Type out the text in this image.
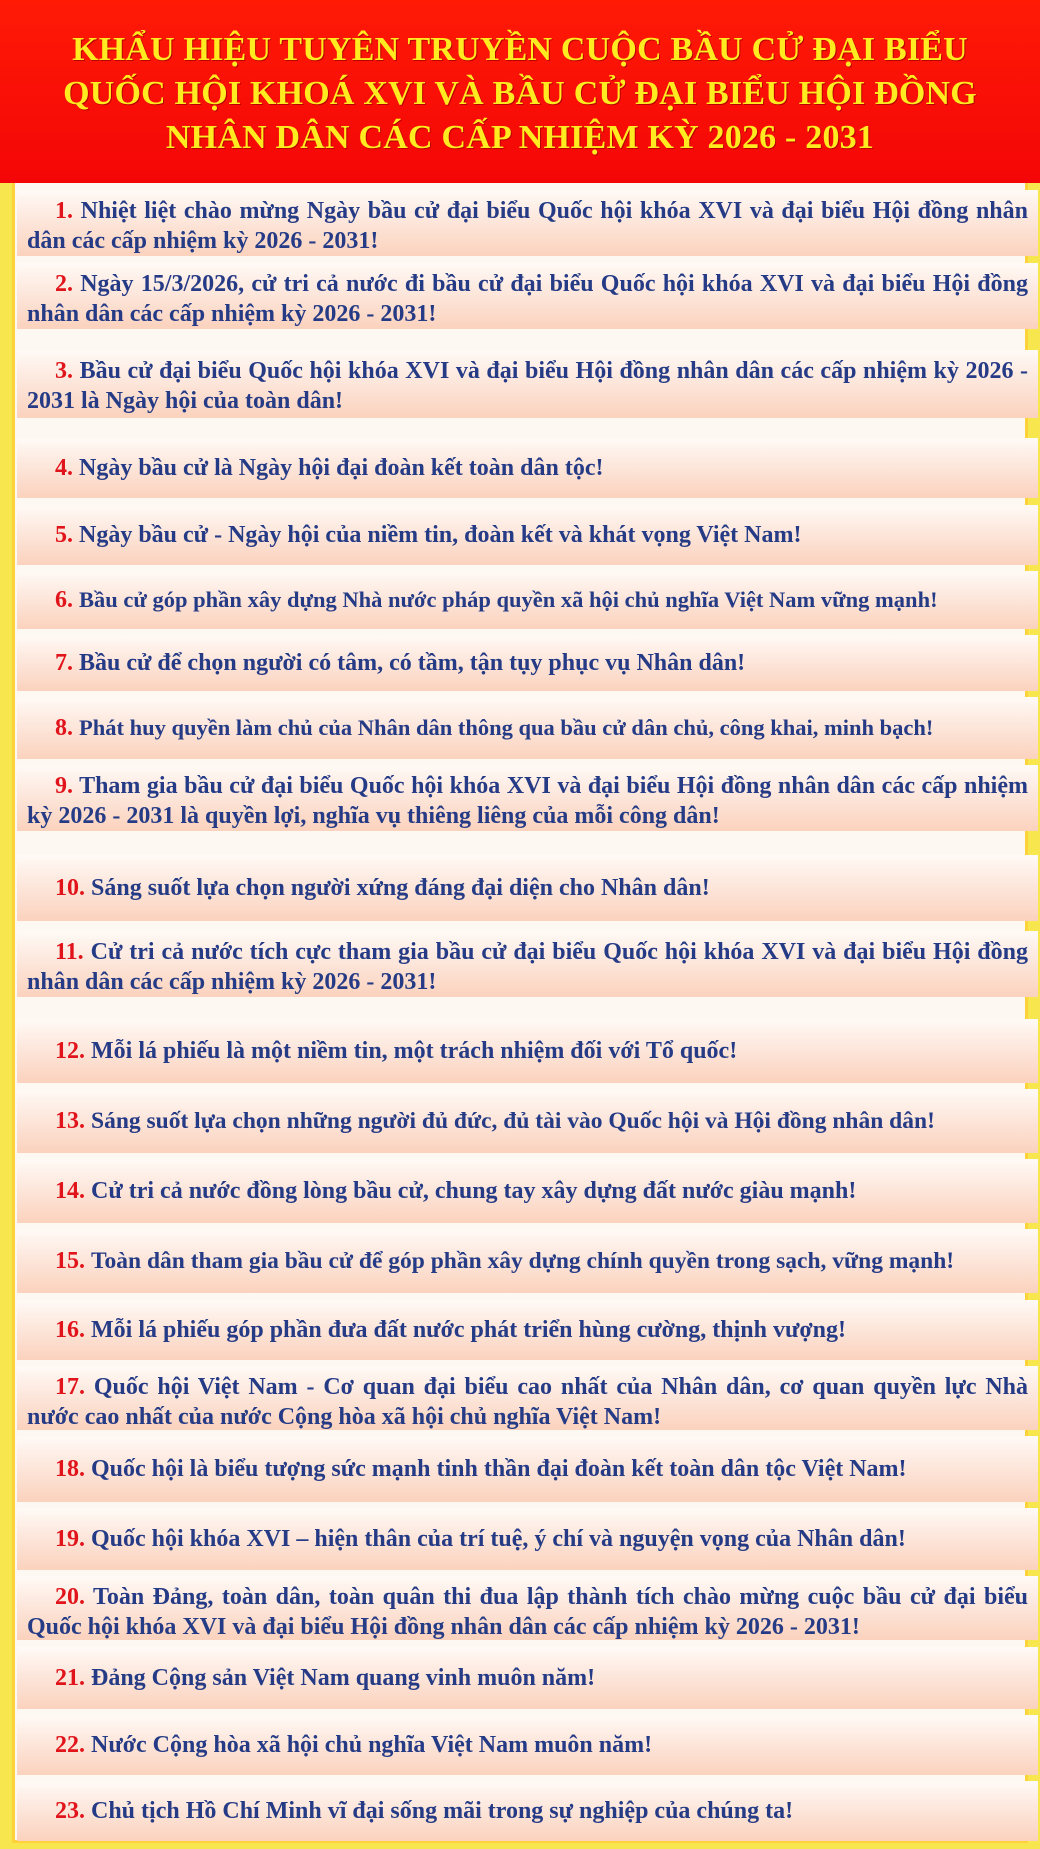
KHẨU HIỆU TUYÊN TRUYỀN CUỘC BẦU CỬ ĐẠI BIỂU
QUỐC HỘI KHOÁ XVI VÀ BẦU CỬ ĐẠI BIỂU HỘI ĐỒNG
NHÂN DÂN CÁC CẤP NHIỆM KỲ 2026 - 2031
1. Nhiệt liệt chào mừng Ngày bầu cử đại biểu Quốc hội khóa XVI và đại biểu Hội đồng nhân dân các cấp nhiệm kỳ 2026 - 2031!
2. Ngày 15/3/2026, cử tri cả nước đi bầu cử đại biểu Quốc hội khóa XVI và đại biểu Hội đồng nhân dân các cấp nhiệm kỳ 2026 - 2031!
3. Bầu cử đại biểu Quốc hội khóa XVI và đại biểu Hội đồng nhân dân các cấp nhiệm kỳ 2026 - 2031 là Ngày hội của toàn dân!
4. Ngày bầu cử là Ngày hội đại đoàn kết toàn dân tộc!
5. Ngày bầu cử - Ngày hội của niềm tin, đoàn kết và khát vọng Việt Nam!
6. Bầu cử góp phần xây dựng Nhà nước pháp quyền xã hội chủ nghĩa Việt Nam vững mạnh!
7. Bầu cử để chọn người có tâm, có tầm, tận tụy phục vụ Nhân dân!
8. Phát huy quyền làm chủ của Nhân dân thông qua bầu cử dân chủ, công khai, minh bạch!
9. Tham gia bầu cử đại biểu Quốc hội khóa XVI và đại biểu Hội đồng nhân dân các cấp nhiệm kỳ 2026 - 2031 là quyền lợi, nghĩa vụ thiêng liêng của mỗi công dân!
10. Sáng suốt lựa chọn người xứng đáng đại diện cho Nhân dân!
11. Cử tri cả nước tích cực tham gia bầu cử đại biểu Quốc hội khóa XVI và đại biểu Hội đồng nhân dân các cấp nhiệm kỳ 2026 - 2031!
12. Mỗi lá phiếu là một niềm tin, một trách nhiệm đối với Tổ quốc!
13. Sáng suốt lựa chọn những người đủ đức, đủ tài vào Quốc hội và Hội đồng nhân dân!
14. Cử tri cả nước đồng lòng bầu cử, chung tay xây dựng đất nước giàu mạnh!
15. Toàn dân tham gia bầu cử để góp phần xây dựng chính quyền trong sạch, vững mạnh!
16. Mỗi lá phiếu góp phần đưa đất nước phát triển hùng cường, thịnh vượng!
17. Quốc hội Việt Nam - Cơ quan đại biểu cao nhất của Nhân dân, cơ quan quyền lực Nhà nước cao nhất của nước Cộng hòa xã hội chủ nghĩa Việt Nam!
18. Quốc hội là biểu tượng sức mạnh tinh thần đại đoàn kết toàn dân tộc Việt Nam!
19. Quốc hội khóa XVI – hiện thân của trí tuệ, ý chí và nguyện vọng của Nhân dân!
20. Toàn Đảng, toàn dân, toàn quân thi đua lập thành tích chào mừng cuộc bầu cử đại biểu Quốc hội khóa XVI và đại biểu Hội đồng nhân dân các cấp nhiệm kỳ 2026 - 2031!
21. Đảng Cộng sản Việt Nam quang vinh muôn năm!
22. Nước Cộng hòa xã hội chủ nghĩa Việt Nam muôn năm!
23. Chủ tịch Hồ Chí Minh vĩ đại sống mãi trong sự nghiệp của chúng ta!
